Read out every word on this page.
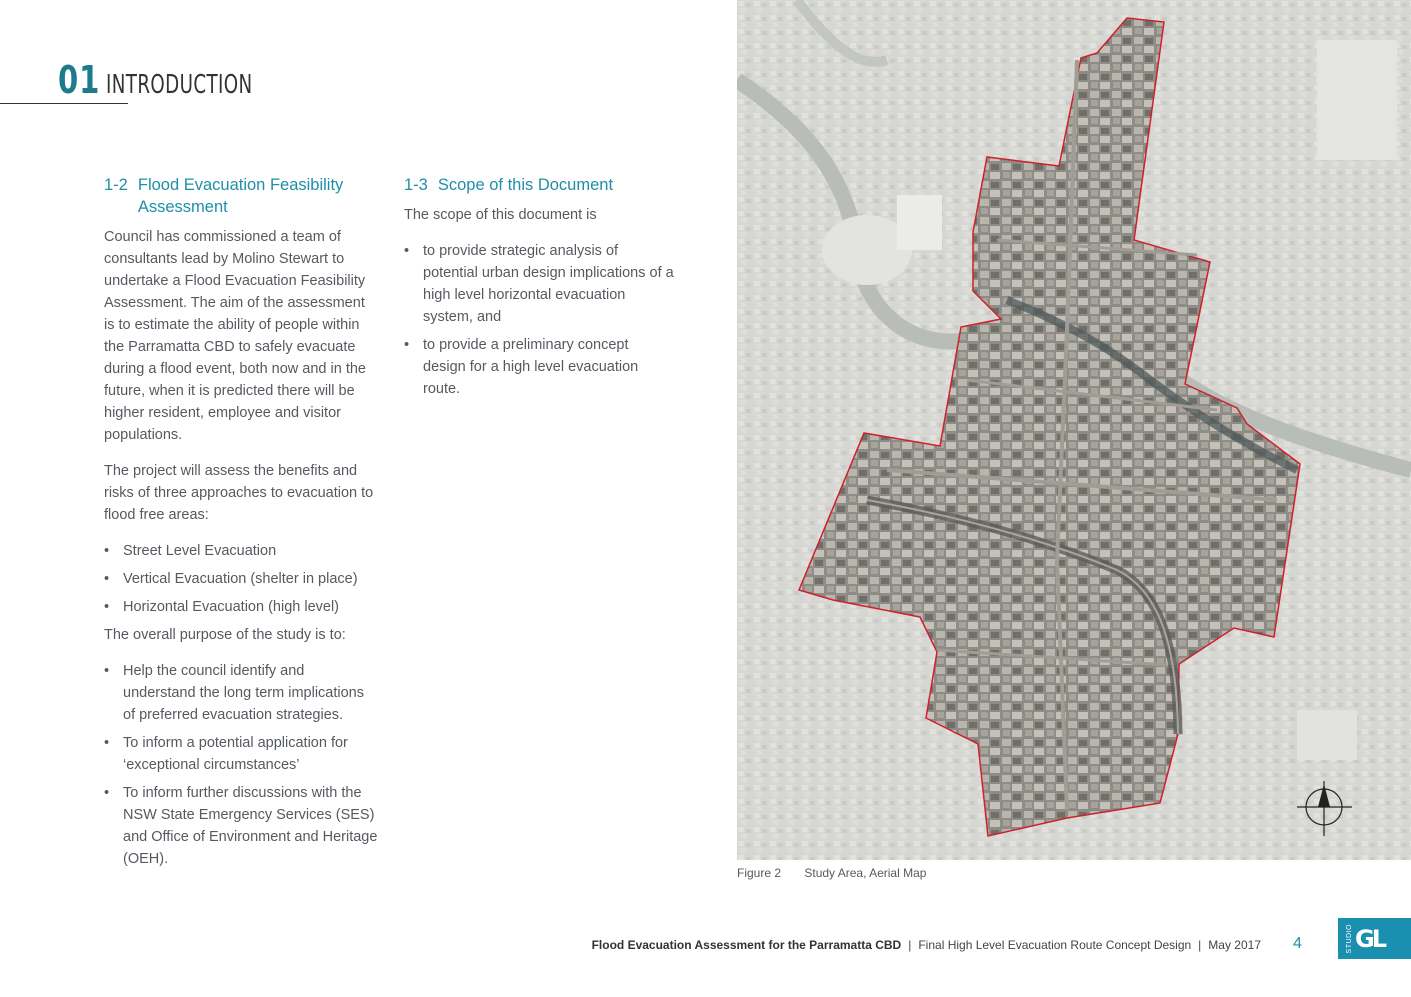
01 INTRODUCTION
1-2 Flood Evacuation Feasibility Assessment

Council has commissioned a team of consultants lead by Molino Stewart to undertake a Flood Evacuation Feasibility Assessment. The aim of the assessment is to estimate the ability of people within the Parramatta CBD to safely evacuate during a flood event, both now and in the future, when it is predicted there will be higher resident, employee and visitor populations.

The project will assess the benefits and risks of three approaches to evacuation to flood free areas:

• Street Level Evacuation
• Vertical Evacuation (shelter in place)
• Horizontal Evacuation (high level)

The overall purpose of the study is to:

• Help the council identify and understand the long term implications of preferred evacuation strategies.
• To inform a potential application for ‘exceptional circumstances’
• To inform further discussions with the NSW State Emergency Services (SES) and Office of Environment and Heritage (OEH).
1-3 Scope of this Document

The scope of this document is

• to provide strategic analysis of potential urban design implications of a high level horizontal evacuation system, and
• to provide a preliminary concept design for a high level evacuation route.
Figure 2 Study Area, Aerial Map
Flood Evacuation Assessment for the Parramatta CBD | Final High Level Evacuation Route Concept Design | May 2017 4	STUDIO GL
